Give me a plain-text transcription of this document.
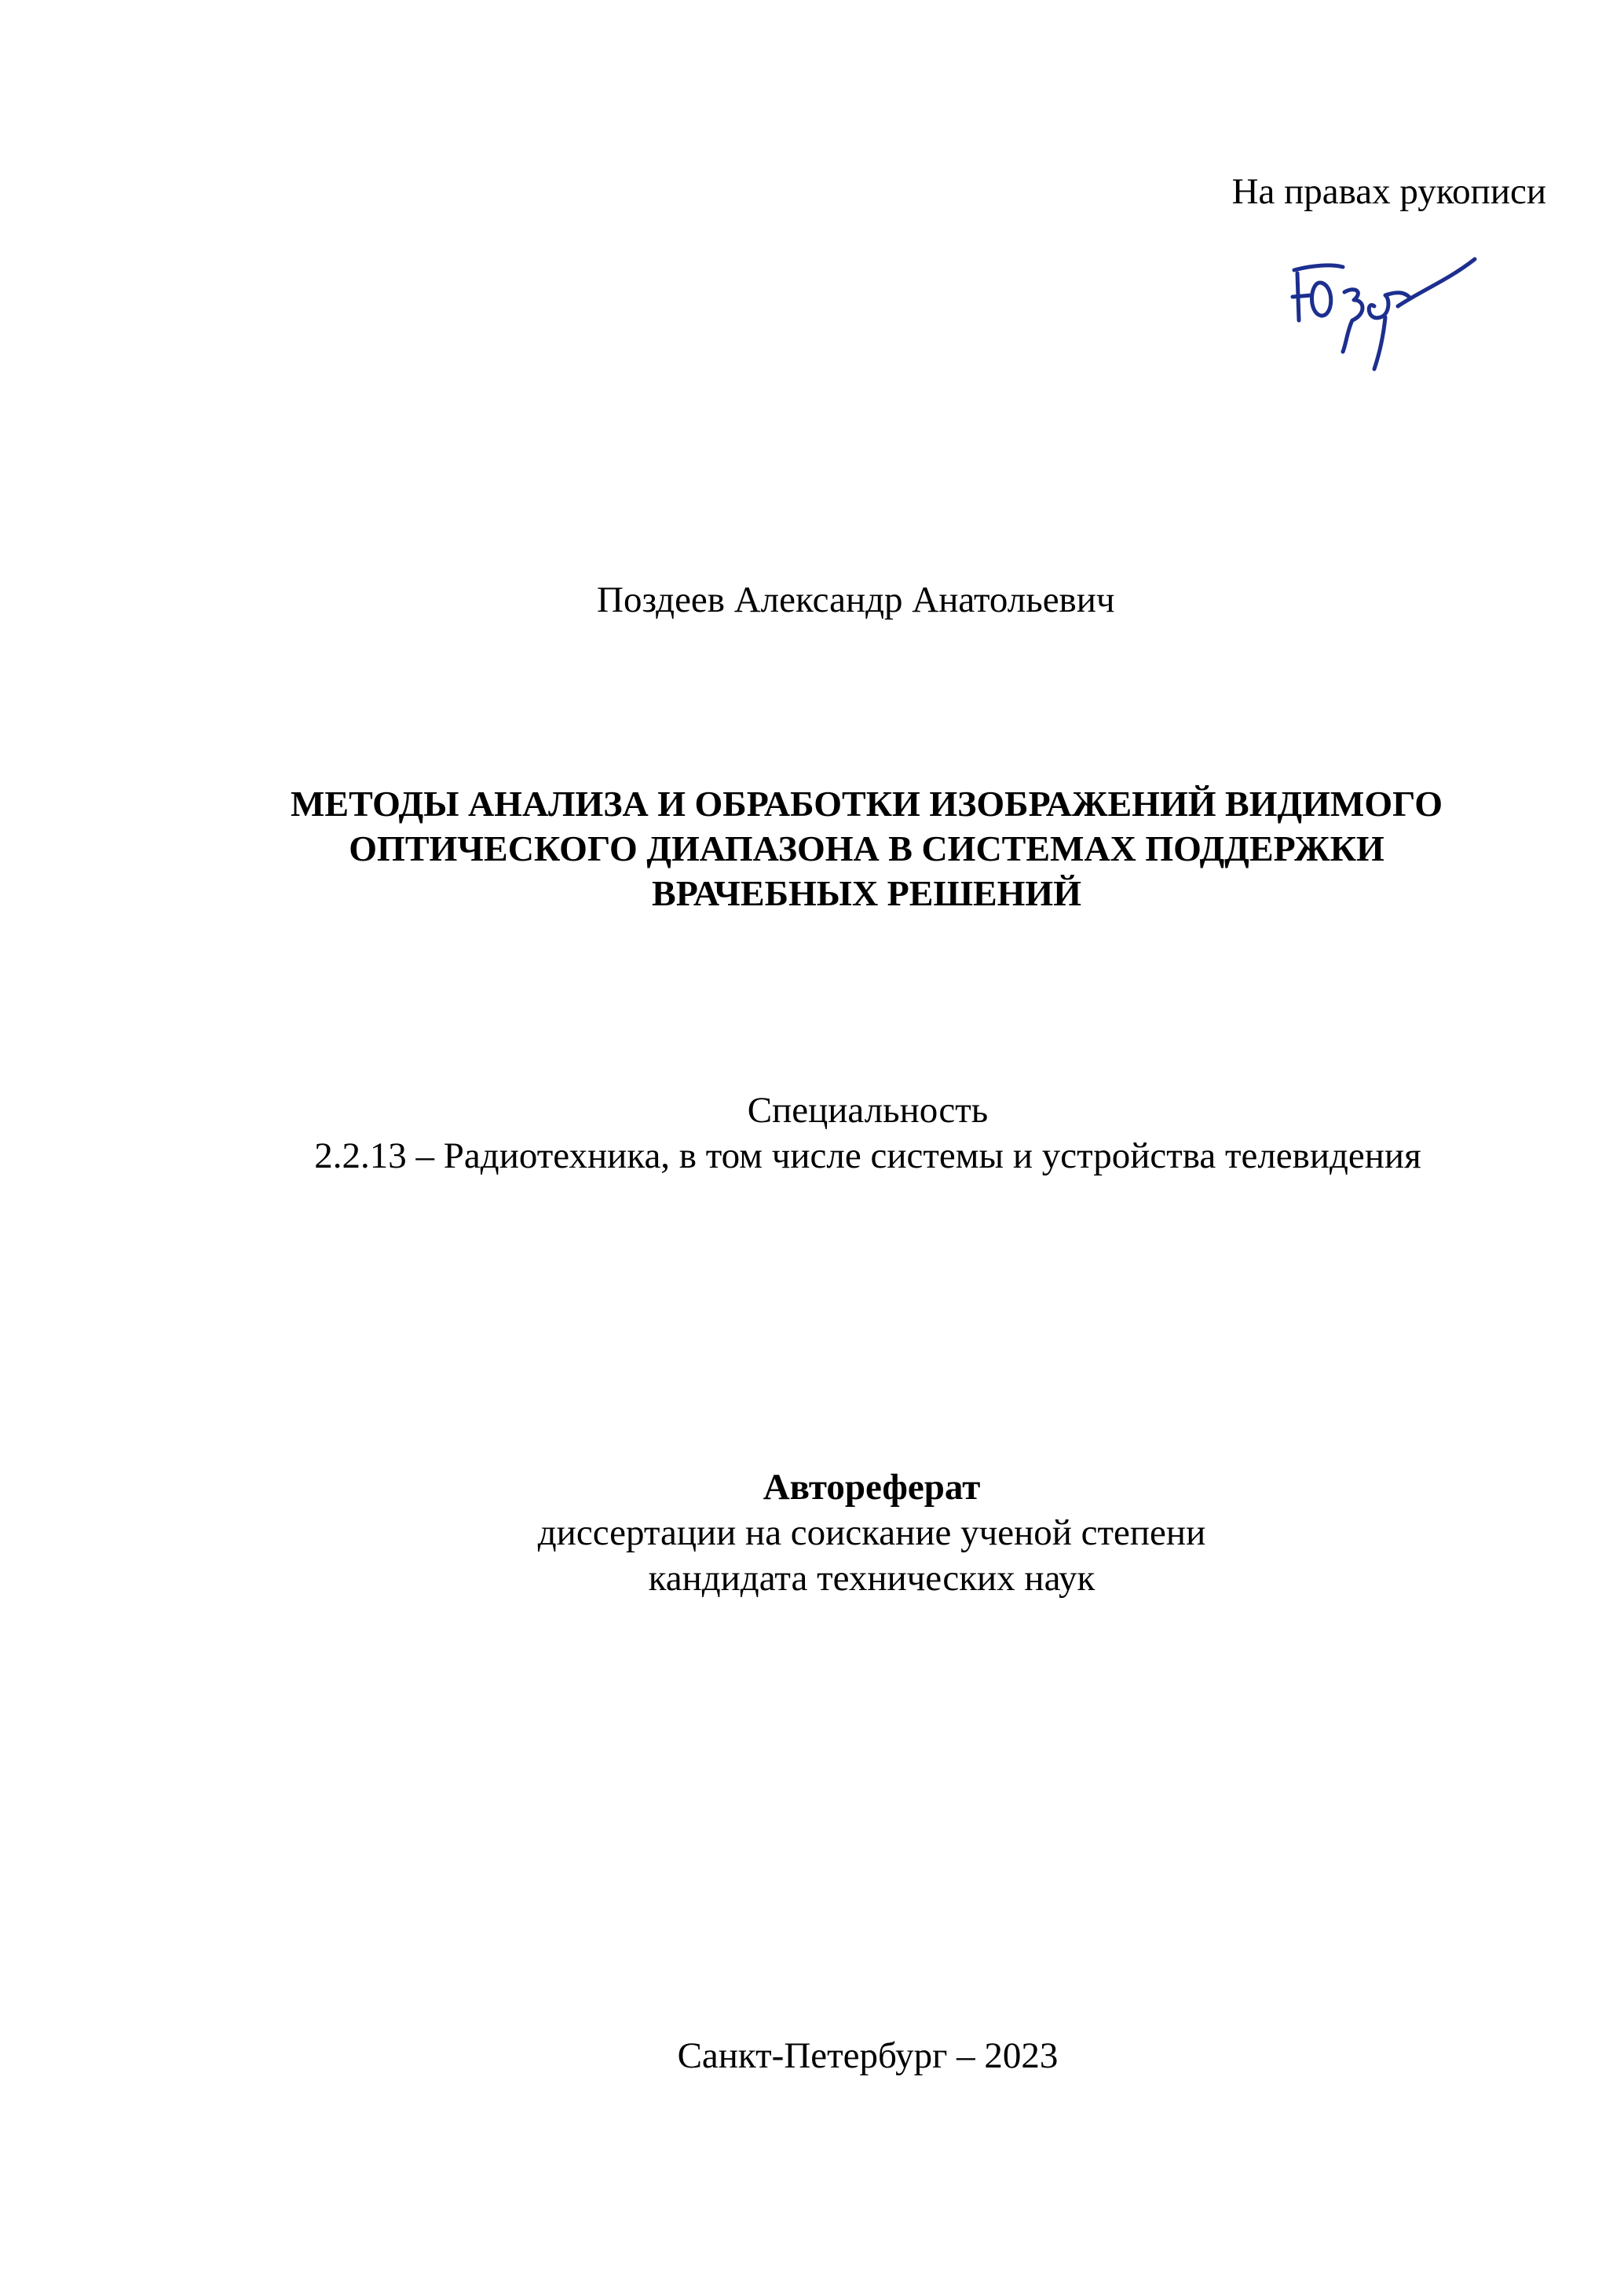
На правах рукописи
Поздеев Александр Анатольевич
МЕТОДЫ АНАЛИЗА И ОБРАБОТКИ ИЗОБРАЖЕНИЙ ВИДИМОГО
ОПТИЧЕСКОГО ДИАПАЗОНА В СИСТЕМАХ ПОДДЕРЖКИ
ВРАЧЕБНЫХ РЕШЕНИЙ
Специальность
2.2.13 – Радиотехника, в том числе системы и устройства телевидения
Автореферат
диссертации на соискание ученой степени
кандидата технических наук
Санкт-Петербург – 2023
